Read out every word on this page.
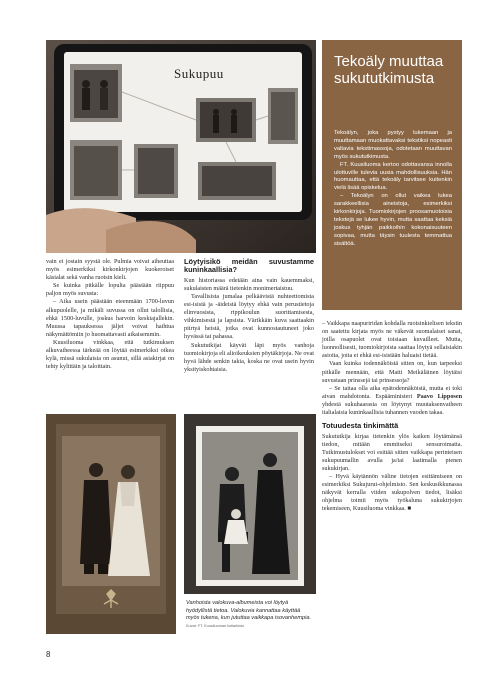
Sukupuu
Tekoäly muuttaa sukututkimusta

Tekoälyn, joka pystyy lukemaan ja muuttamaan muokattavaksi tekstiksi nopeasti valtavia tekstimassoja, odotetaan muuttavan myös sukututkimusta.

FT. Kuusiluoma kertoo odottavansa innolla ulottuville tulevia uusia mahdollisuuksia. Hän huomauttaa, että tekoäly tarvitsee kuitenkin vielä lisää opiskelua.

– Tekoälyn on ollut vaikea lukea sarakkeellisia aineistoja, esimerkiksi kirkonkirjoja. Tuomiokirjojen proosamuotoisia tekstejä se lukee hyvin, mutta saattaa keksiä joskus tyhjän paikkoihin kokonaisuuteen sopivaa, mutta täysin tuulesta temmattua sisältöä.

vain ei jostain syystä ole. Pulmia voivat aiheuttaa myös esimerkiksi kirkonkirjojen kuokeroiset käsialat sekä vanha ruotsin kieli.

Se kuinka pitkälle lopulta päästään riippuu paljon myös suvusta:

– Aika usein päästään eteenmään 1700-luvun alkupuolelle, ja mikäli suvussa on ollut talollisia, ehkä 1500-luvulle, joskus harvoin keskiajallekin. Muussa tapauksessa jäljet voivat haihtua näkymättömiin jo huomattavasti aikaisemmin.

Kuusiluoma vinkkaa, että tutkimuksen alkuvaiheessa tärkeää on löytää esimerkiksi oikea kylä, missä sukulaisia on asunut, sillä asiakirjat on tehty kylittäin ja taloittain.

Löytyisikö meidän suvustamme kuninkaallisia?

Kun historiassa edetään aina vain kauemmaksi, sukulaisten määrä tietenkin monimertaistuu.

Tavallisista jumalaa pelkäävistä nuhteettomista esi-isistä ja -äideistä löytyy ehkä vain perustietoja elinvuosista, rippikoulun suorittamisesta, vihkimisestä ja lapsista. Värikkäin kuva saattaakin piirtyä heistä, jotka ovat kunnostautuneet joko hyvässä tai pahassa.

Sukututkijat käyvät läpi myös vanhoja tuomiokirjoja eli alioikeuksien pöytäkirjoja. Ne ovat hyvä lähde senkin takia, koska ne ovat usein hyvin yksityiskohtaisia.

– Vaikkapa naapuriridan kohdalla ruotsinkielisen tekstin on saatettu kirjata myös ne väkevät suomalaiset sanat, joilla osapuolet ovat toisiaan kuvailleet. Mutta, luonnollisesti, tuomiokirjoista saattaa löytyä sellaisiakin asioita, joita ei ehkä esi-isistään haluaisi tietää.

Vaan kuinka todennäköistä sitten on, kun tarpeeksi pitkälle mennään, että Matti Meikäläinen löytäisi suvustaan prinssejä tai prinsessoja?

– Se taitaa olla aika epätodennäköistä, mutta ei toki aivan mahdotonta. Espääministeri Paavo Lipposen yhdestä sukuhaarasta on löytynyt muutaksenvaiheen italialaisia kuninkaallisia tuhannen vuoden takaa.

Totuudesta tinkimättä

Sukututkija kirjaa tietenkin ylös kaiken löytämänsä tiedon, mitään emmitseksi sensuroimatta. Tutkimustulokset voi esittää sitten vaikkapa perinteisen sukupuumallin avulla ja/tai laatimalla pienen sukukirjan.

– Hyvä käytännön väline tietojen esittämiseen on esimerkiksi Sukujurut-ohjelmisto. Sen keskusikkunassa näkyvät kerralla viiden sukupolven tiedot, lisäksi ohjelma toimii myös työkaluna sukukirjojen tekemiseen, Kuusiluoma vinkkaa. ■

Vanhoista valokuva-albumeista voi löytyä hyödyllistä tietoa. Valokuvia kannattaa käyttää myös tukena, kun jututtaa vaikkapa isovanhempia. Kuvat: FT. Kuusiluoman kotiarkisto
8
